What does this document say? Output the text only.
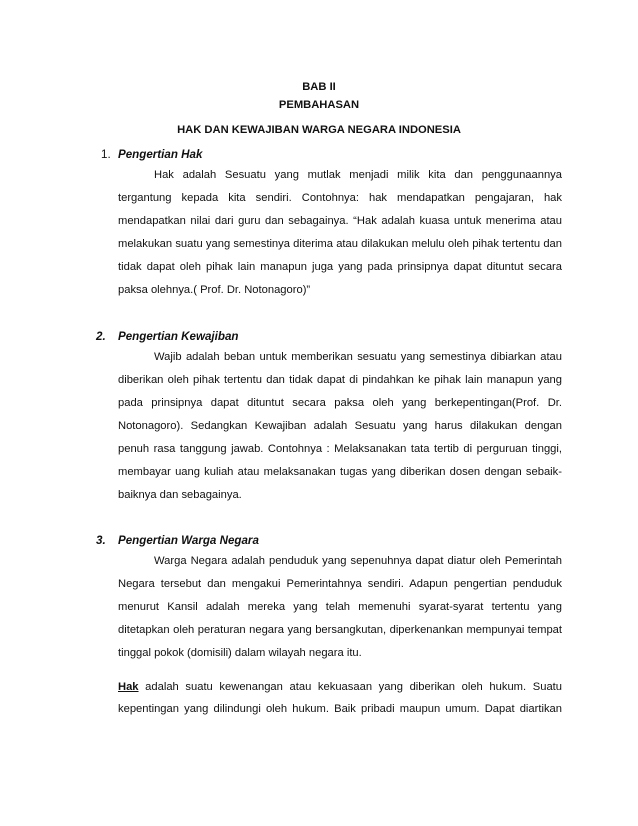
BAB II
PEMBAHASAN
HAK DAN KEWAJIBAN WARGA NEGARA INDONESIA
1. Pengertian Hak
Hak adalah Sesuatu yang mutlak menjadi milik kita dan penggunaannya tergantung kepada kita sendiri. Contohnya: hak mendapatkan pengajaran, hak mendapatkan nilai dari guru dan sebagainya. “Hak adalah kuasa untuk menerima atau melakukan suatu yang semestinya diterima atau dilakukan melulu oleh pihak tertentu dan tidak dapat oleh pihak lain manapun juga yang pada prinsipnya dapat dituntut secara paksa olehnya.( Prof. Dr. Notonagoro)”
2. Pengertian Kewajiban
Wajib adalah beban untuk memberikan sesuatu yang semestinya dibiarkan atau diberikan oleh pihak tertentu dan tidak dapat di pindahkan ke pihak lain manapun yang pada prinsipnya dapat dituntut secara paksa oleh yang berkepentingan(Prof. Dr. Notonagoro). Sedangkan Kewajiban adalah Sesuatu yang harus dilakukan dengan penuh rasa tanggung jawab. Contohnya : Melaksanakan tata tertib di perguruan tinggi, membayar uang kuliah atau melaksanakan tugas yang diberikan dosen dengan sebaik-baiknya dan sebagainya.
3. Pengertian Warga Negara
Warga Negara adalah penduduk yang sepenuhnya dapat diatur oleh Pemerintah Negara tersebut dan mengakui Pemerintahnya sendiri. Adapun pengertian penduduk menurut Kansil adalah mereka yang telah memenuhi syarat-syarat tertentu yang ditetapkan oleh peraturan negara yang bersangkutan, diperkenankan mempunyai tempat tinggal pokok (domisili) dalam wilayah negara itu.
Hak adalah suatu kewenangan atau kekuasaan yang diberikan oleh hukum. Suatu kepentingan yang dilindungi oleh hukum. Baik pribadi maupun umum. Dapat diartikan
